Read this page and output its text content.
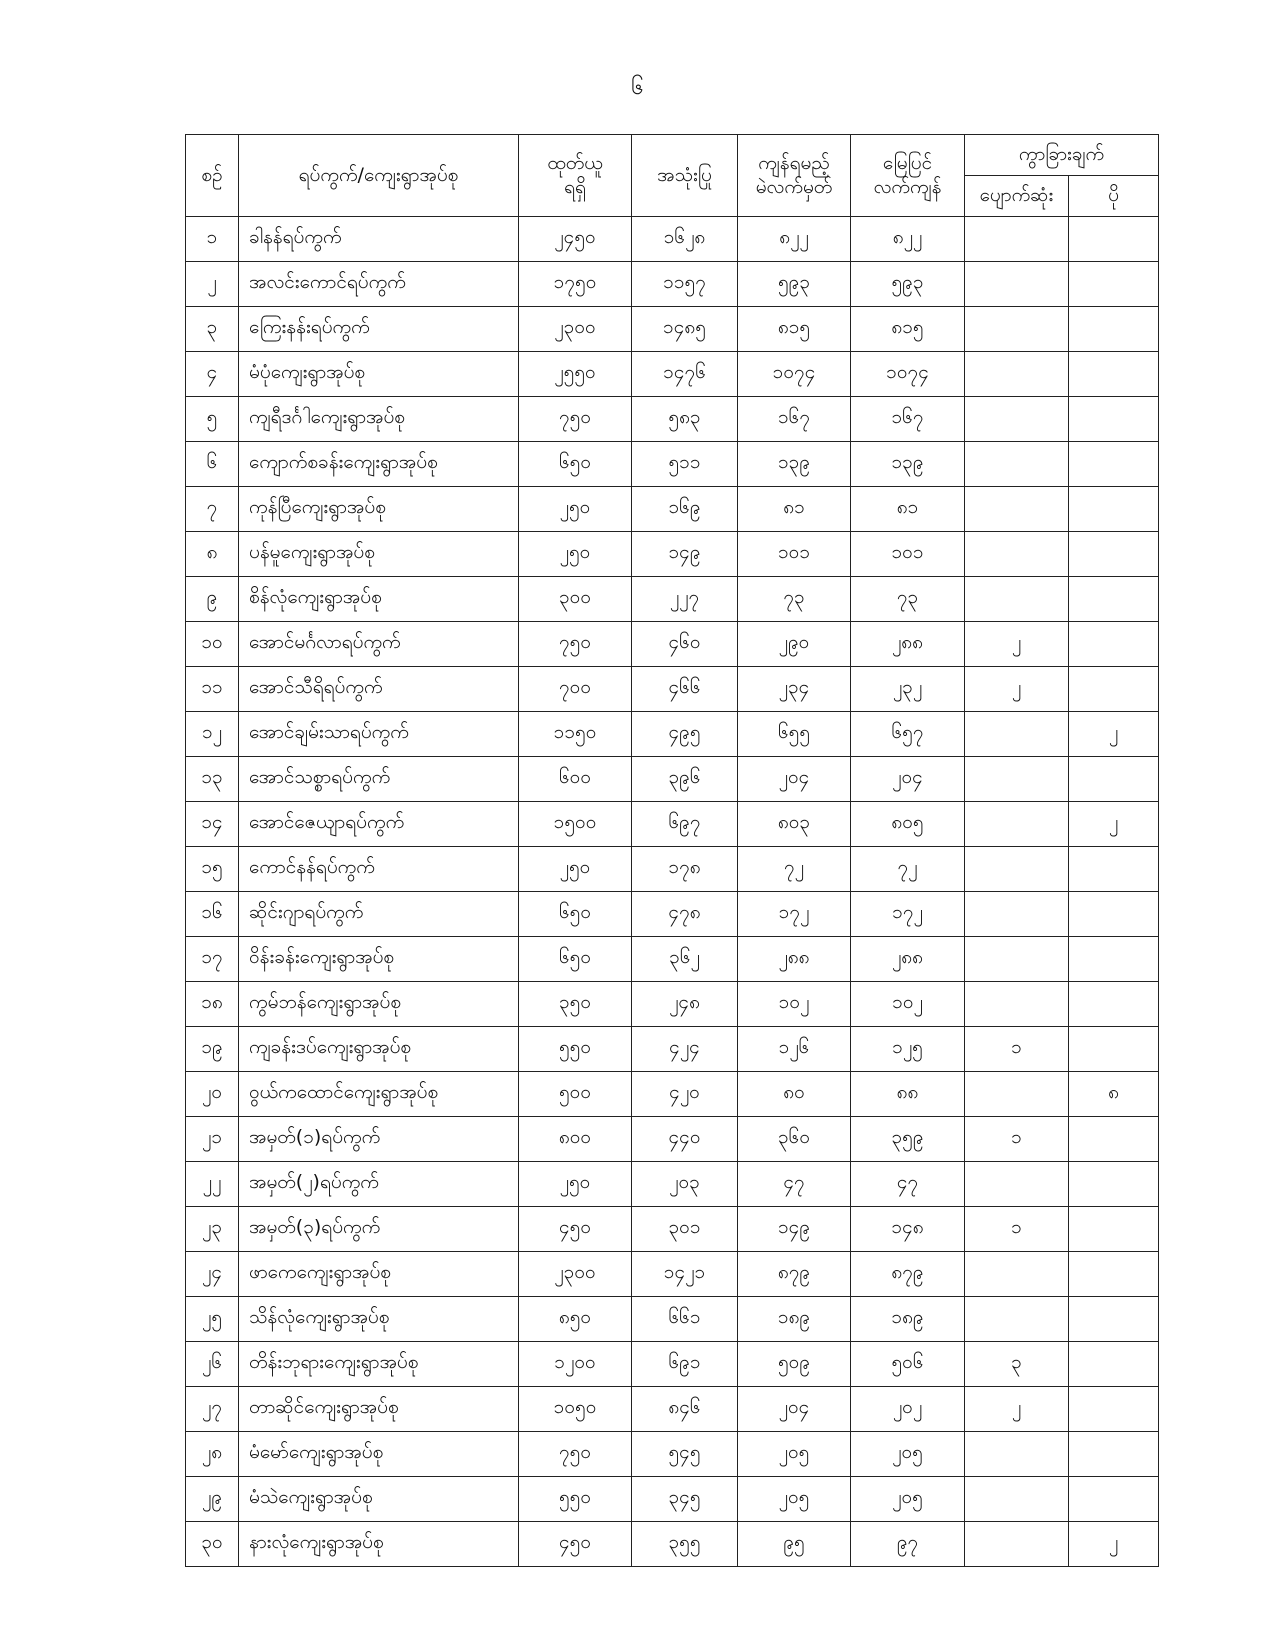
၆
စဉ်	ရပ်ကွက်/ကျေးရွာအုပ်စု	ထုတ်ယူ
ရရှိ	အသုံးပြု	ကျန်ရမည့်
မဲလက်မှတ်	မြေပြင်
လက်ကျန်	ကွာခြားချက်	
						ပျောက်ဆုံး	ပို
၁	ခါနန်ရပ်ကွက်	၂၄၅၀	၁၆၂၈	၈၂၂	၈၂၂		
၂	အလင်းကောင်ရပ်ကွက်	၁၇၅၀	၁၁၅၇	၅၉၃	၅၉၃		
၃	ကြေးနန်းရပ်ကွက်	၂၃၀၀	၁၄၈၅	၈၁၅	၈၁၅		
၄	မံပုံကျေးရွာအုပ်စု	၂၅၅၀	၁၄၇၆	၁၀၇၄	၁၀၇၄		
၅	ကျရီဒင်္ဂါကျေးရွာအုပ်စု	၇၅၀	၅၈၃	၁၆၇	၁၆၇		
၆	ကျောက်စခန်းကျေးရွာအုပ်စု	၆၅၀	၅၁၁	၁၃၉	၁၃၉		
၇	ကုန်ပြီကျေးရွာအုပ်စု	၂၅၀	၁၆၉	၈၁	၈၁		
၈	ပန်မူကျေးရွာအုပ်စု	၂၅၀	၁၄၉	၁၀၁	၁၀၁		
၉	စိန်လုံကျေးရွာအုပ်စု	၃၀၀	၂၂၇	၇၃	၇၃		
၁၀	အောင်မင်္ဂလာရပ်ကွက်	၇၅၀	၄၆၀	၂၉၀	၂၈၈	၂	
၁၁	အောင်သီရိရပ်ကွက်	၇၀၀	၄၆၆	၂၃၄	၂၃၂	၂	
၁၂	အောင်ချမ်းသာရပ်ကွက်	၁၁၅၀	၄၉၅	၆၅၅	၆၅၇		၂
၁၃	အောင်သစ္စာရပ်ကွက်	၆၀၀	၃၉၆	၂၀၄	၂၀၄		
၁၄	အောင်ဇေယျာရပ်ကွက်	၁၅၀၀	၆၉၇	၈၀၃	၈၀၅		၂
၁၅	ကောင်နန်ရပ်ကွက်	၂၅၀	၁၇၈	၇၂	၇၂		
၁၆	ဆိုင်းဂျာရပ်ကွက်	၆၅၀	၄၇၈	၁၇၂	၁၇၂		
၁၇	ဝိန်းခန်းကျေးရွာအုပ်စု	၆၅၀	၃၆၂	၂၈၈	၂၈၈		
၁၈	ကွမ်ဘန်ကျေးရွာအုပ်စု	၃၅၀	၂၄၈	၁၀၂	၁၀၂		
၁၉	ကျခန်းဒပ်ကျေးရွာအုပ်စု	၅၅၀	၄၂၄	၁၂၆	၁၂၅	၁	
၂၀	ဝွယ်ကထောင်ကျေးရွာအုပ်စု	၅၀၀	၄၂၀	၈၀	၈၈		၈
၂၁	အမှတ်(၁)ရပ်ကွက်	၈၀၀	၄၄၀	၃၆၀	၃၅၉	၁	
၂၂	အမှတ်(၂)ရပ်ကွက်	၂၅၀	၂၀၃	၄၇	၄၇		
၂၃	အမှတ်(၃)ရပ်ကွက်	၄၅၀	၃၀၁	၁၄၉	၁၄၈	၁	
၂၄	ဖာကေကျေးရွာအုပ်စု	၂၃၀၀	၁၄၂၁	၈၇၉	၈၇၉		
၂၅	သိန်လုံကျေးရွာအုပ်စု	၈၅၀	၆၆၁	၁၈၉	၁၈၉		
၂၆	တိန်းဘုရားကျေးရွာအုပ်စု	၁၂၀၀	၆၉၁	၅၀၉	၅၀၆	၃	
၂၇	တာဆိုင်ကျေးရွာအုပ်စု	၁၀၅၀	၈၄၆	၂၀၄	၂၀၂	၂	
၂၈	မံမော်ကျေးရွာအုပ်စု	၇၅၀	၅၄၅	၂၀၅	၂၀၅		
၂၉	မံသဲကျေးရွာအုပ်စု	၅၅၀	၃၄၅	၂၀၅	၂၀၅		
၃၀	နားလုံကျေးရွာအုပ်စု	၄၅၀	၃၅၅	၉၅	၉၇		၂
